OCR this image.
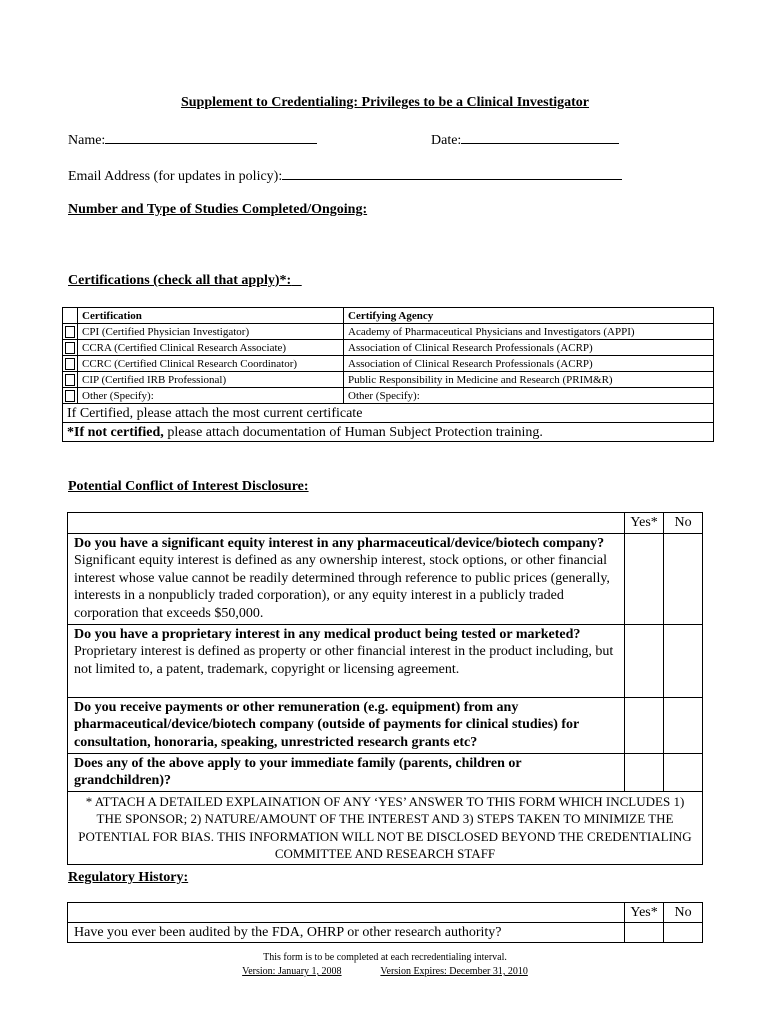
Supplement to Credentialing: Privileges to be a Clinical Investigator
Name:	Date:
Email Address (for updates in policy):
Number and Type of Studies Completed/Ongoing:
Certifications (check all that apply)*:
	Certification	Certifying Agency
	CPI (Certified Physician Investigator)	Academy of Pharmaceutical Physicians and Investigators (APPI)
	CCRA (Certified Clinical Research Associate)	Association of Clinical Research Professionals (ACRP)
	CCRC (Certified Clinical Research Coordinator)	Association of Clinical Research Professionals (ACRP)
	CIP (Certified IRB Professional)	Public Responsibility in Medicine and Research (PRIM&R)
	Other (Specify):	Other (Specify):
If Certified, please attach the most current certificate		
*If not certified, please attach documentation of Human Subject Protection training.		
Potential Conflict of Interest Disclosure:
	Yes*	No
Do you have a significant equity interest in any pharmaceutical/device/biotech company? Significant equity interest is defined as any ownership interest, stock options, or other financial interest whose value cannot be readily determined through reference to public prices (generally, interests in a nonpublicly traded corporation), or any equity interest in a publicly traded corporation that exceeds $50,000.		
Do you have a proprietary interest in any medical product being tested or marketed? Proprietary interest is defined as property or other financial interest in the product including, but not limited to, a patent, trademark, copyright or licensing agreement.		
Do you receive payments or other remuneration (e.g. equipment) from any pharmaceutical/device/biotech company (outside of payments for clinical studies) for consultation, honoraria, speaking, unrestricted research grants etc?		
Does any of the above apply to your immediate family (parents, children or grandchildren)?		
* ATTACH A DETAILED EXPLAINATION OF ANY ‘YES’ ANSWER TO THIS FORM WHICH INCLUDES 1) THE SPONSOR; 2) NATURE/AMOUNT OF THE INTEREST AND 3) STEPS TAKEN TO MINIMIZE THE POTENTIAL FOR BIAS. THIS INFORMATION WILL NOT BE DISCLOSED BEYOND THE CREDENTIALING COMMITTEE AND RESEARCH STAFF		
Regulatory History:
	Yes*	No
Have you ever been audited by the FDA, OHRP or other research authority?		
This form is to be completed at each recredentialing interval.
Version: January 1, 2008	Version Expires: December 31, 2010
